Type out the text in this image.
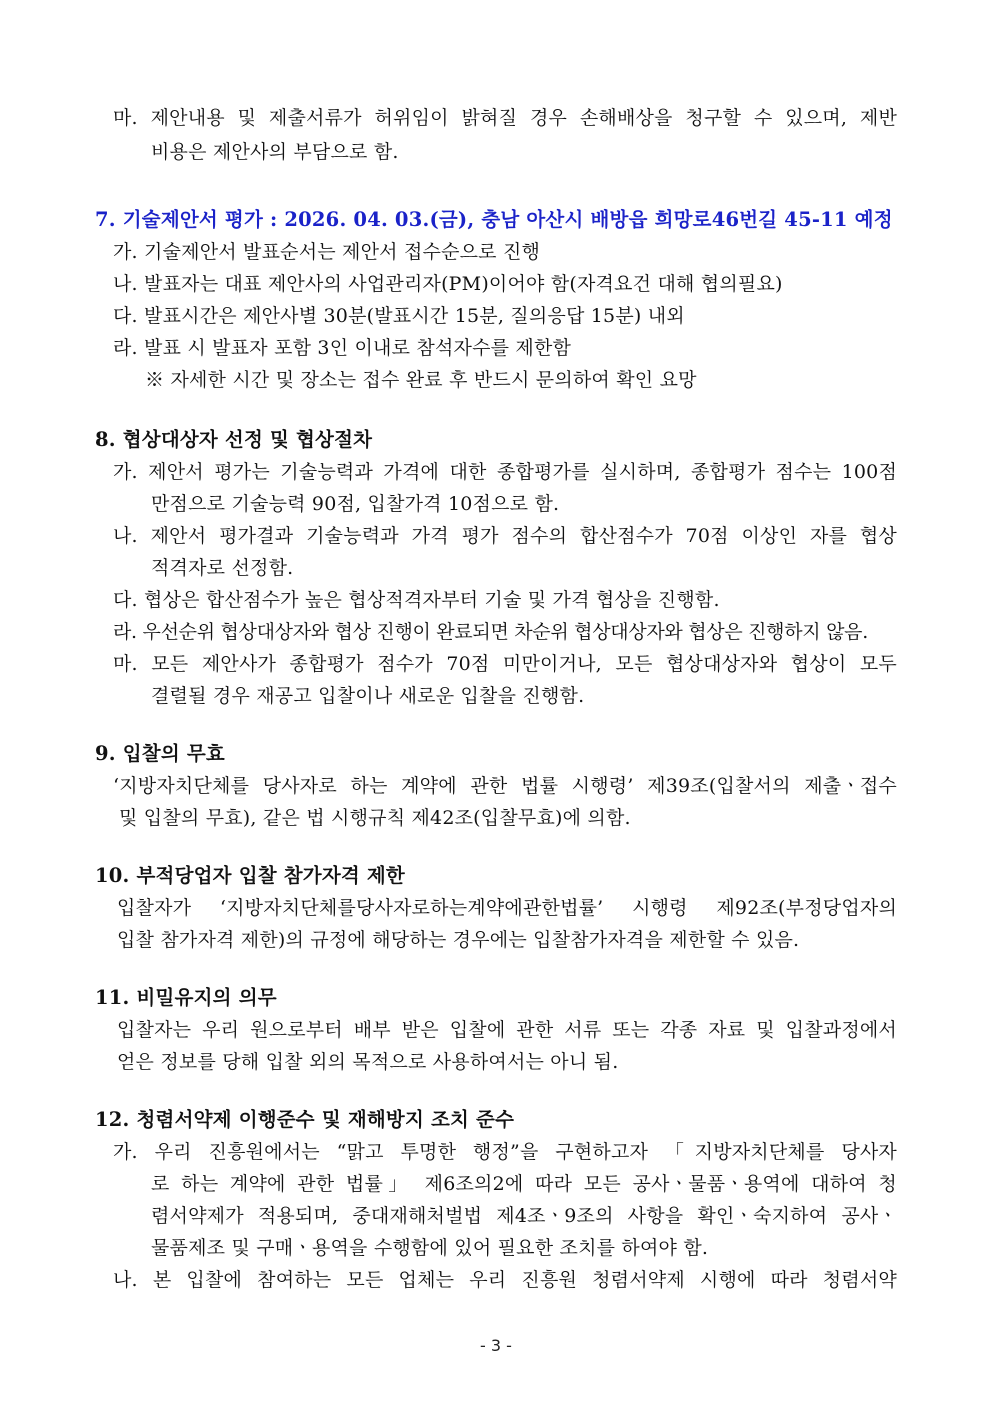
마. 제안내용 및 제출서류가 허위임이 밝혀질 경우 손해배상을 청구할 수 있으며, 제반
비용은 제안사의 부담으로 함.
7. 기술제안서 평가 : 2026. 04. 03.(금), 충남 아산시 배방읍 희망로46번길 45-11 예정
가. 기술제안서 발표순서는 제안서 접수순으로 진행
나. 발표자는 대표 제안사의 사업관리자(PM)이어야 함(자격요건 대해 협의필요)
다. 발표시간은 제안사별 30분(발표시간 15분, 질의응답 15분) 내외
라. 발표 시 발표자 포함 3인 이내로 참석자수를 제한함
※ 자세한 시간 및 장소는 접수 완료 후 반드시 문의하여 확인 요망
8. 협상대상자 선정 및 협상절차
가. 제안서 평가는 기술능력과 가격에 대한 종합평가를 실시하며, 종합평가 점수는 100점
만점으로 기술능력 90점, 입찰가격 10점으로 함.
나. 제안서 평가결과 기술능력과 가격 평가 점수의 합산점수가 70점 이상인 자를 협상
적격자로 선정함.
다. 협상은 합산점수가 높은 협상적격자부터 기술 및 가격 협상을 진행함.
라. 우선순위 협상대상자와 협상 진행이 완료되면 차순위 협상대상자와 협상은 진행하지 않음.
마. 모든 제안사가 종합평가 점수가 70점 미만이거나, 모든 협상대상자와 협상이 모두
결렬될 경우 재공고 입찰이나 새로운 입찰을 진행함.
9. 입찰의 무효
‘지방자치단체를 당사자로 하는 계약에 관한 법률 시행령’ 제39조(입찰서의 제출ㆍ접수
및 입찰의 무효), 같은 법 시행규칙 제42조(입찰무효)에 의함.
10. 부적당업자 입찰 참가자격 제한
입찰자가 ‘지방자치단체를당사자로하는계약에관한법률’ 시행령 제92조(부정당업자의
입찰 참가자격 제한)의 규정에 해당하는 경우에는 입찰참가자격을 제한할 수 있음.
11. 비밀유지의 의무
입찰자는 우리 원으로부터 배부 받은 입찰에 관한 서류 또는 각종 자료 및 입찰과정에서
얻은 정보를 당해 입찰 외의 목적으로 사용하여서는 아니 됨.
12. 청렴서약제 이행준수 및 재해방지 조치 준수
가. 우리 진흥원에서는 “맑고 투명한 행정”을 구현하고자 「지방자치단체를 당사자
로 하는 계약에 관한 법률」 제6조의2에 따라 모든 공사ㆍ물품ㆍ용역에 대하여 청
렴서약제가 적용되며, 중대재해처벌법 제4조ㆍ9조의 사항을 확인ㆍ숙지하여 공사ㆍ
물품제조 및 구매ㆍ용역을 수행함에 있어 필요한 조치를 하여야 함.
나. 본 입찰에 참여하는 모든 업체는 우리 진흥원 청렴서약제 시행에 따라 청렴서약
- 3 -
